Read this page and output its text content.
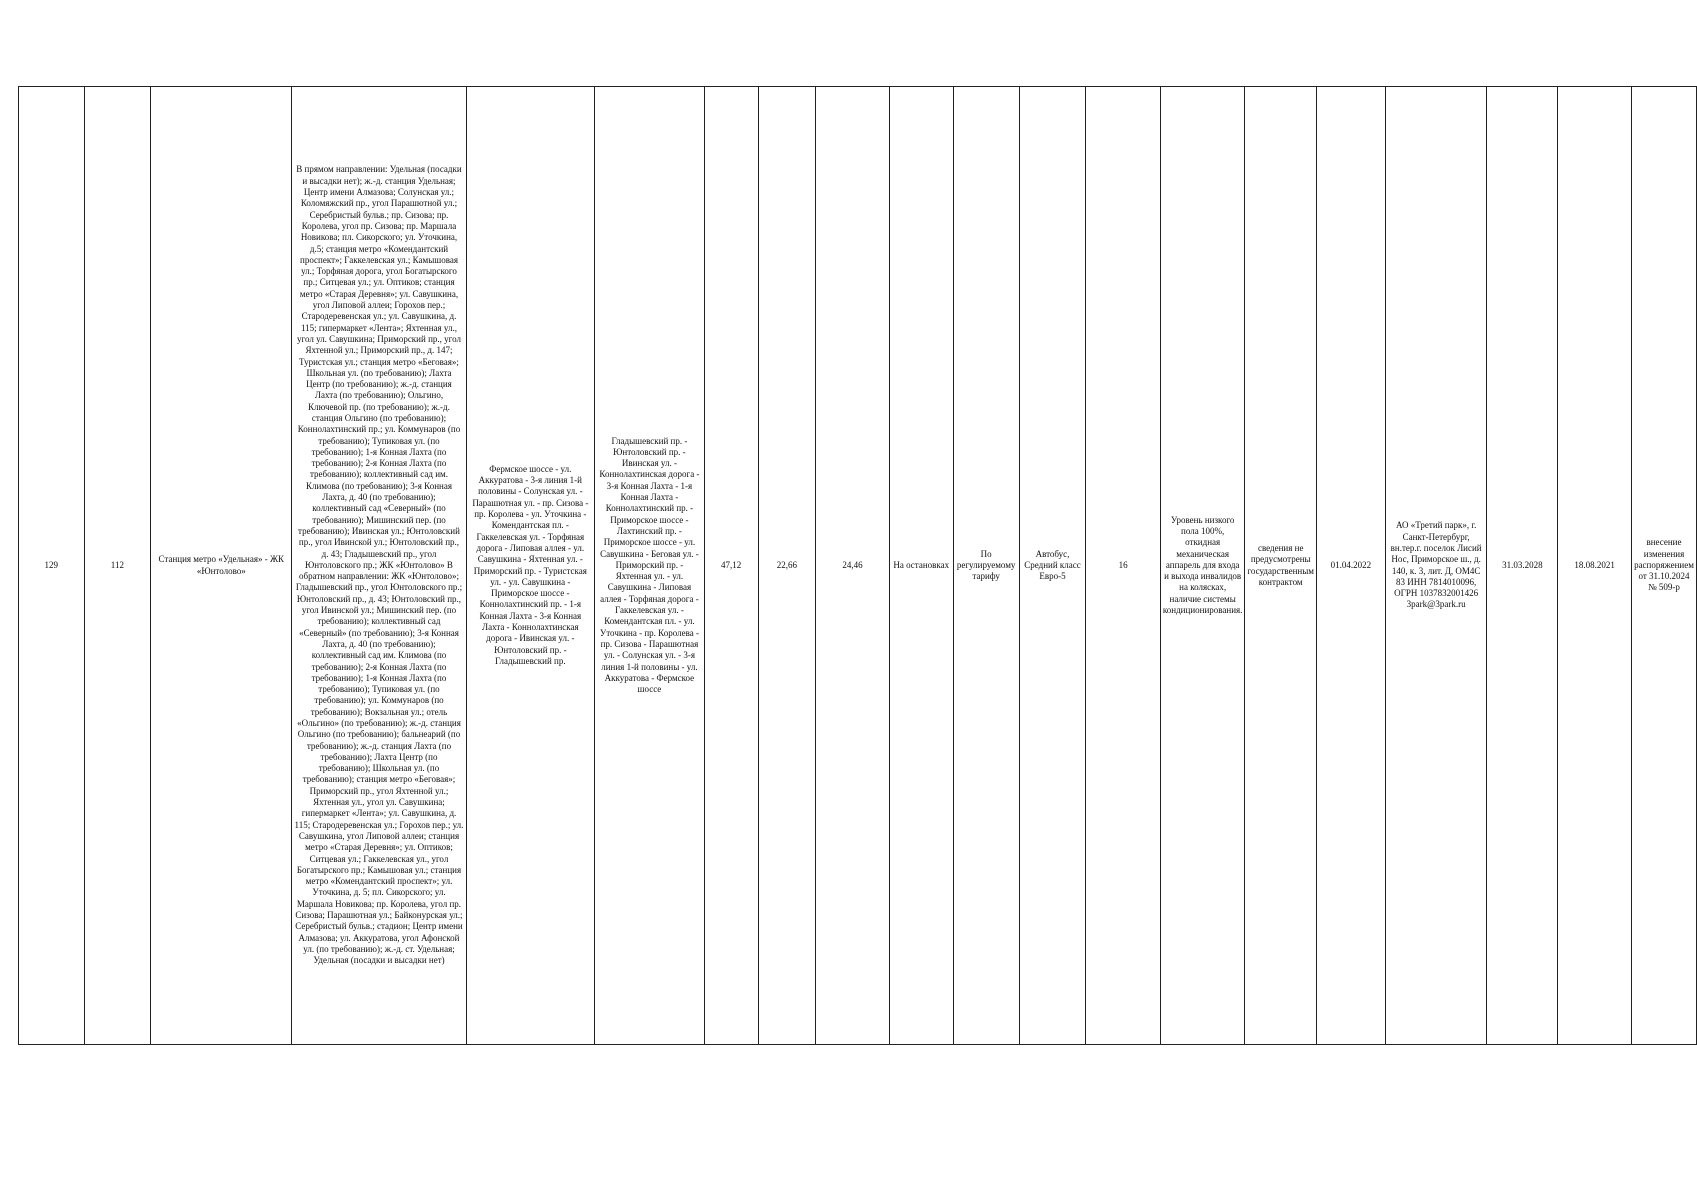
129	112	Станция метро «Удельная» - ЖК «Юнтолово»	В прямом направлении: Удельная (посадки и высадки нет); ж.-д. станция Удельная; Центр имени Алмазова; Солунская ул.; Коломяжский пр., угол Парашютной ул.; Серебристый бульв.; пр. Сизова; пр. Королева, угол пр. Сизова; пр. Маршала Новикова; пл. Сикорского; ул. Уточкина, д.5; станция метро «Комендантский проспект»; Гаккелевская ул.; Камышовая ул.; Торфяная дорога, угол Богатырского пр.; Ситцевая ул.; ул. Оптиков; станция метро «Старая Деревня»; ул. Савушкина, угол Липовой аллеи; Горохов пер.; Стародеревенская ул.; ул. Савушкина, д. 115; гипермаркет «Лента»; Яхтенная ул., угол ул. Савушкина; Приморский пр., угол Яхтенной ул.; Приморский пр., д. 147; Туристская ул.; станция метро «Беговая»; Школьная ул. (по требованию); Лахта Центр (по требованию); ж.-д. станция Лахта (по требованию); Ольгино, Ключевой пр. (по требованию); ж.-д. станция Ольгино (по требованию); Коннолахтинский пр.; ул. Коммунаров (по требованию); Тупиковая ул. (по требованию); 1-я Конная Лахта (по требованию); 2-я Конная Лахта (по требованию); коллективный сад им. Климова (по требованию); 3-я Конная Лахта, д. 40 (по требованию); коллективный сад «Северный» (по требованию); Мишинский пер. (по требованию); Ивинская ул.; Юнтоловский пр., угол Ивинской ул.; Юнтоловский пр., д. 43; Гладышевский пр., угол Юнтоловского пр.; ЖК «Юнтолово» В обратном направлении: ЖК «Юнтолово»; Гладышевский пр., угол Юнтоловского пр.; Юнтоловский пр., д. 43; Юнтоловский пр., угол Ивинской ул.; Мишинский пер. (по требованию); коллективный сад «Северный» (по требованию); 3-я Конная Лахта, д. 40 (по требованию); коллективный сад им. Климова (по требованию); 2-я Конная Лахта (по требованию); 1-я Конная Лахта (по требованию); Тупиковая ул. (по требованию); ул. Коммунаров (по требованию); Вокзальная ул.; отель «Ольгино» (по требованию); ж.-д. станция Ольгино (по требованию); бальнеарий (по требованию); ж.-д. станция Лахта (по требованию); Лахта Центр (по требованию); Школьная ул. (по требованию); станция метро «Беговая»; Приморский пр., угол Яхтенной ул.; Яхтенная ул., угол ул. Савушкина; гипермаркет «Лента»; ул. Савушкина, д. 115; Стародеревенская ул.; Горохов пер.; ул. Савушкина, угол Липовой аллеи; станция метро «Старая Деревня»; ул. Оптиков; Ситцевая ул.; Гаккелевская ул., угол Богатырского пр.; Камышовая ул.; станция метро «Комендантский проспект»; ул. Уточкина, д. 5; пл. Сикорского; ул. Маршала Новикова; пр. Королева, угол пр. Сизова; Парашютная ул.; Байконурская ул.; Серебристый бульв.; стадион; Центр имени Алмазова; ул. Аккуратова, угол Афонской ул. (по требованию); ж.-д. ст. Удельная; Удельная (посадки и высадки нет)	Фермское шоссе - ул. Аккуратова - 3-я линия 1-й половины - Солунская ул. - Парашютная ул. - пр. Сизова - пр. Королева - ул. Уточкина - Комендантская пл. - Гаккелевская ул. - Торфяная дорога - Липовая аллея - ул. Савушкина - Яхтенная ул. - Приморский пр. - Туристская ул. - ул. Савушкина - Приморское шоссе - Коннолахтинский пр. - 1-я Конная Лахта - 3-я Конная Лахта - Коннолахтинская дорога - Ивинская ул. - Юнтоловский пр. - Гладышевский пр.	Гладышевский пр. - Юнтоловский пр. - Ивинская ул. - Коннолахтинская дорога - 3-я Конная Лахта - 1-я Конная Лахта - Коннолахтинский пр. - Приморское шоссе - Лахтинский пр. - Приморское шоссе - ул. Савушкина - Беговая ул. - Приморский пр. - Яхтенная ул. - ул. Савушкина - Липовая аллея - Торфяная дорога - Гаккелевская ул. - Комендантская пл. - ул. Уточкина - пр. Королева - пр. Сизова - Парашютная ул. - Солунская ул. - 3-я линия 1-й половины - ул. Аккуратова - Фермское шоссе	47,12	22,66	24,46	На остановках	По регулируемому тарифу	Автобус, Средний класс Евро-5	16	Уровень низкого пола 100%, откидная механическая аппарель для входа и выхода инвалидов на колясках, наличие системы кондиционирования.	сведения не предусмотрены государственным контрактом	01.04.2022	АО «Третий парк», г. Санкт-Петербург, вн.тер.г. поселок Лисий Нос, Приморское ш., д. 140, к. 3, лит. Д, ОМ4С 83 ИНН 7814010096, ОГРН 1037832001426 3park@3park.ru	31.03.2028	18.08.2021	внесение изменения распоряжением от 31.10.2024 № 509-р
